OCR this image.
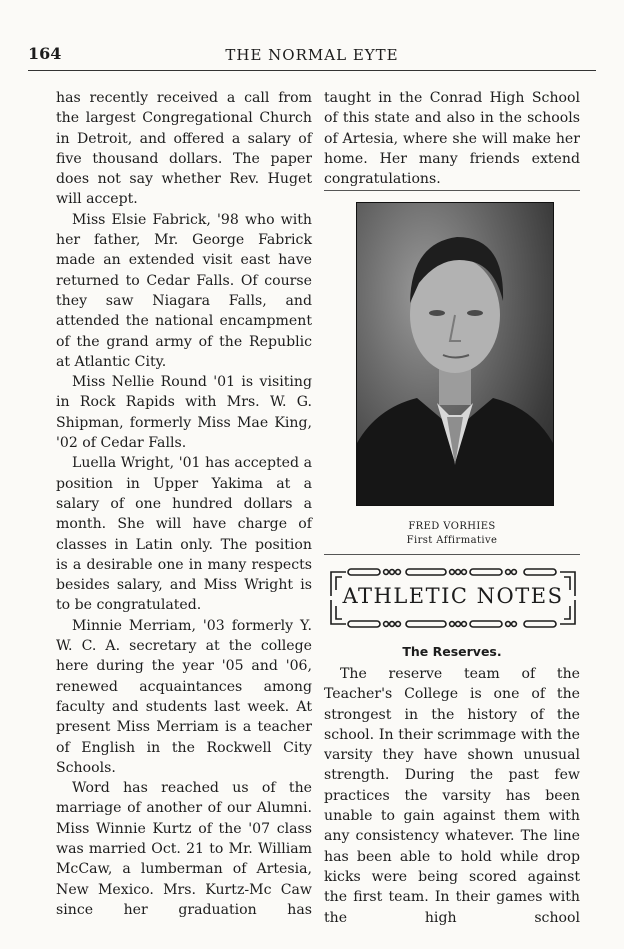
164	THE NORMAL EYTE

has recently received a call from the largest Congregational Church in Detroit, and offered a salary of five thousand dollars. The paper does not say whether Rev. Huget will accept.

Miss Elsie Fabrick, '98 who with her father, Mr. George Fabrick made an extended visit east have returned to Cedar Falls. Of course they saw Niagara Falls, and attended the national encampment of the grand army of the Republic at Atlantic City.

Miss Nellie Round '01 is visiting in Rock Rapids with Mrs. W. G. Shipman, formerly Miss Mae King, '02 of Cedar Falls.

Luella Wright, '01 has accepted a position in Upper Yakima at a salary of one hundred dollars a month. She will have charge of classes in Latin only. The position is a desirable one in many respects besides salary, and Miss Wright is to be congratulated.

Minnie Merriam, '03 formerly Y. W. C. A. secretary at the college here during the year '05 and '06, renewed acquaintances among faculty and students last week. At present Miss Merriam is a teacher of English in the Rockwell City Schools.

Word has reached us of the marriage of another of our Alumni. Miss Winnie Kurtz of the '07 class was married Oct. 21 to Mr. William McCaw, a lumberman of Artesia, New Mexico. Mrs. Kurtz-Mc Caw since her graduation has

taught in the Conrad High School of this state and also in the schools of Artesia, where she will make her home. Her many friends extend congratulations.

FRED VORHIES
First Affirmative
ATHLETIC NOTES
The Reserves.

The reserve team of the Teacher's College is one of the strongest in the history of the school. In their scrimmage with the varsity they have shown unusual strength. During the past few practices the varsity has been unable to gain against them with any consistency whatever. The line has been able to hold while drop kicks were being scored against the first team. In their games with the high school
